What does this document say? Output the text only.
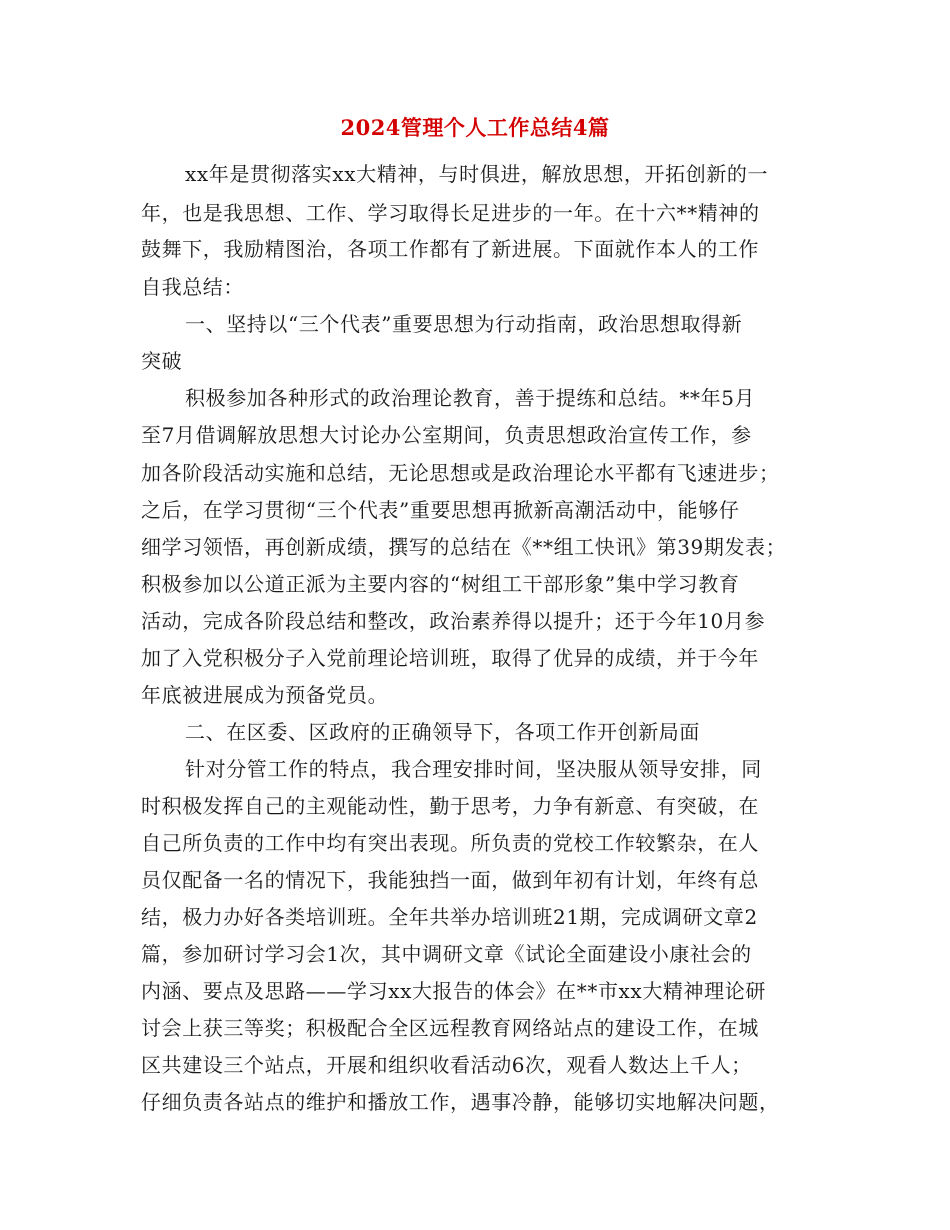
2024管理个人工作总结4篇
xx年是贯彻落实xx大精神，与时俱进，解放思想，开拓创新的一
年，也是我思想、工作、学习取得长足进步的一年。在十六**精神的
鼓舞下，我励精图治，各项工作都有了新进展。下面就作本人的工作
自我总结：
一、坚持以“三个代表”重要思想为行动指南，政治思想取得新
突破
积极参加各种形式的政治理论教育，善于提练和总结。**年5月
至7月借调解放思想大讨论办公室期间，负责思想政治宣传工作，参
加各阶段活动实施和总结，无论思想或是政治理论水平都有飞速进步；
之后，在学习贯彻“三个代表”重要思想再掀新高潮活动中，能够仔
细学习领悟，再创新成绩，撰写的总结在《**组工快讯》第39期发表；
积极参加以公道正派为主要内容的“树组工干部形象”集中学习教育
活动，完成各阶段总结和整改，政治素养得以提升；还于今年10月参
加了入党积极分子入党前理论培训班，取得了优异的成绩，并于今年
年底被进展成为预备党员。
二、在区委、区政府的正确领导下，各项工作开创新局面
针对分管工作的特点，我合理安排时间，坚决服从领导安排，同
时积极发挥自己的主观能动性，勤于思考，力争有新意、有突破，在
自己所负责的工作中均有突出表现。所负责的党校工作较繁杂，在人
员仅配备一名的情况下，我能独挡一面，做到年初有计划，年终有总
结，极力办好各类培训班。全年共举办培训班21期，完成调研文章2
篇，参加研讨学习会1次，其中调研文章《试论全面建设小康社会的
内涵、要点及思路——学习xx大报告的体会》在**市xx大精神理论研
讨会上获三等奖；积极配合全区远程教育网络站点的建设工作，在城
区共建设三个站点，开展和组织收看活动6次，观看人数达上千人；
仔细负责各站点的维护和播放工作，遇事冷静，能够切实地解决问题，
